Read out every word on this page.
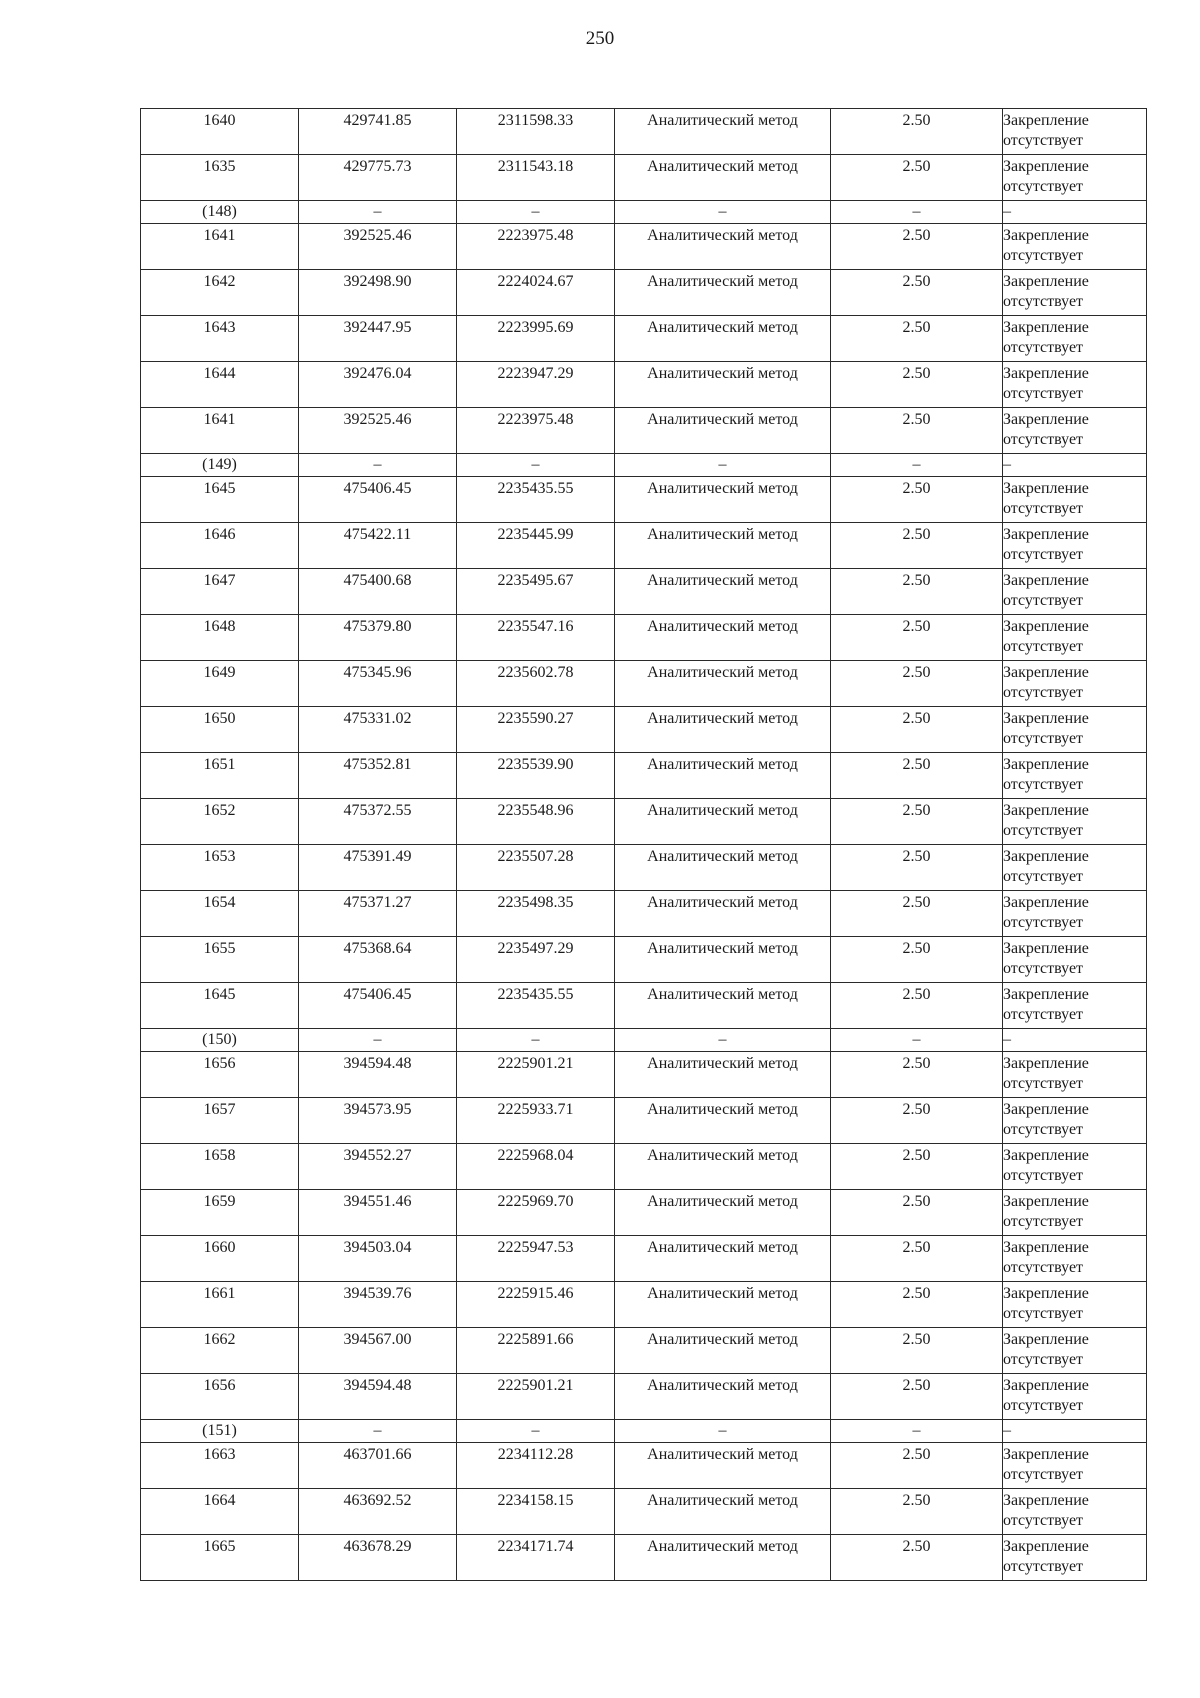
250
1640	429741.85	2311598.33	Аналитический метод	2.50	Закрепление
отсутствует

1635	429775.73	2311543.18	Аналитический метод	2.50	Закрепление
отсутствует

(148)	–	–	–	–	–

1641	392525.46	2223975.48	Аналитический метод	2.50	Закрепление
отсутствует

1642	392498.90	2224024.67	Аналитический метод	2.50	Закрепление
отсутствует

1643	392447.95	2223995.69	Аналитический метод	2.50	Закрепление
отсутствует

1644	392476.04	2223947.29	Аналитический метод	2.50	Закрепление
отсутствует

1641	392525.46	2223975.48	Аналитический метод	2.50	Закрепление
отсутствует

(149)	–	–	–	–	–

1645	475406.45	2235435.55	Аналитический метод	2.50	Закрепление
отсутствует

1646	475422.11	2235445.99	Аналитический метод	2.50	Закрепление
отсутствует

1647	475400.68	2235495.67	Аналитический метод	2.50	Закрепление
отсутствует

1648	475379.80	2235547.16	Аналитический метод	2.50	Закрепление
отсутствует

1649	475345.96	2235602.78	Аналитический метод	2.50	Закрепление
отсутствует

1650	475331.02	2235590.27	Аналитический метод	2.50	Закрепление
отсутствует

1651	475352.81	2235539.90	Аналитический метод	2.50	Закрепление
отсутствует

1652	475372.55	2235548.96	Аналитический метод	2.50	Закрепление
отсутствует

1653	475391.49	2235507.28	Аналитический метод	2.50	Закрепление
отсутствует

1654	475371.27	2235498.35	Аналитический метод	2.50	Закрепление
отсутствует

1655	475368.64	2235497.29	Аналитический метод	2.50	Закрепление
отсутствует

1645	475406.45	2235435.55	Аналитический метод	2.50	Закрепление
отсутствует

(150)	–	–	–	–	–

1656	394594.48	2225901.21	Аналитический метод	2.50	Закрепление
отсутствует

1657	394573.95	2225933.71	Аналитический метод	2.50	Закрепление
отсутствует

1658	394552.27	2225968.04	Аналитический метод	2.50	Закрепление
отсутствует

1659	394551.46	2225969.70	Аналитический метод	2.50	Закрепление
отсутствует

1660	394503.04	2225947.53	Аналитический метод	2.50	Закрепление
отсутствует

1661	394539.76	2225915.46	Аналитический метод	2.50	Закрепление
отсутствует

1662	394567.00	2225891.66	Аналитический метод	2.50	Закрепление
отсутствует

1656	394594.48	2225901.21	Аналитический метод	2.50	Закрепление
отсутствует

(151)	–	–	–	–	–

1663	463701.66	2234112.28	Аналитический метод	2.50	Закрепление
отсутствует

1664	463692.52	2234158.15	Аналитический метод	2.50	Закрепление
отсутствует

1665	463678.29	2234171.74	Аналитический метод	2.50	Закрепление
отсутствует
